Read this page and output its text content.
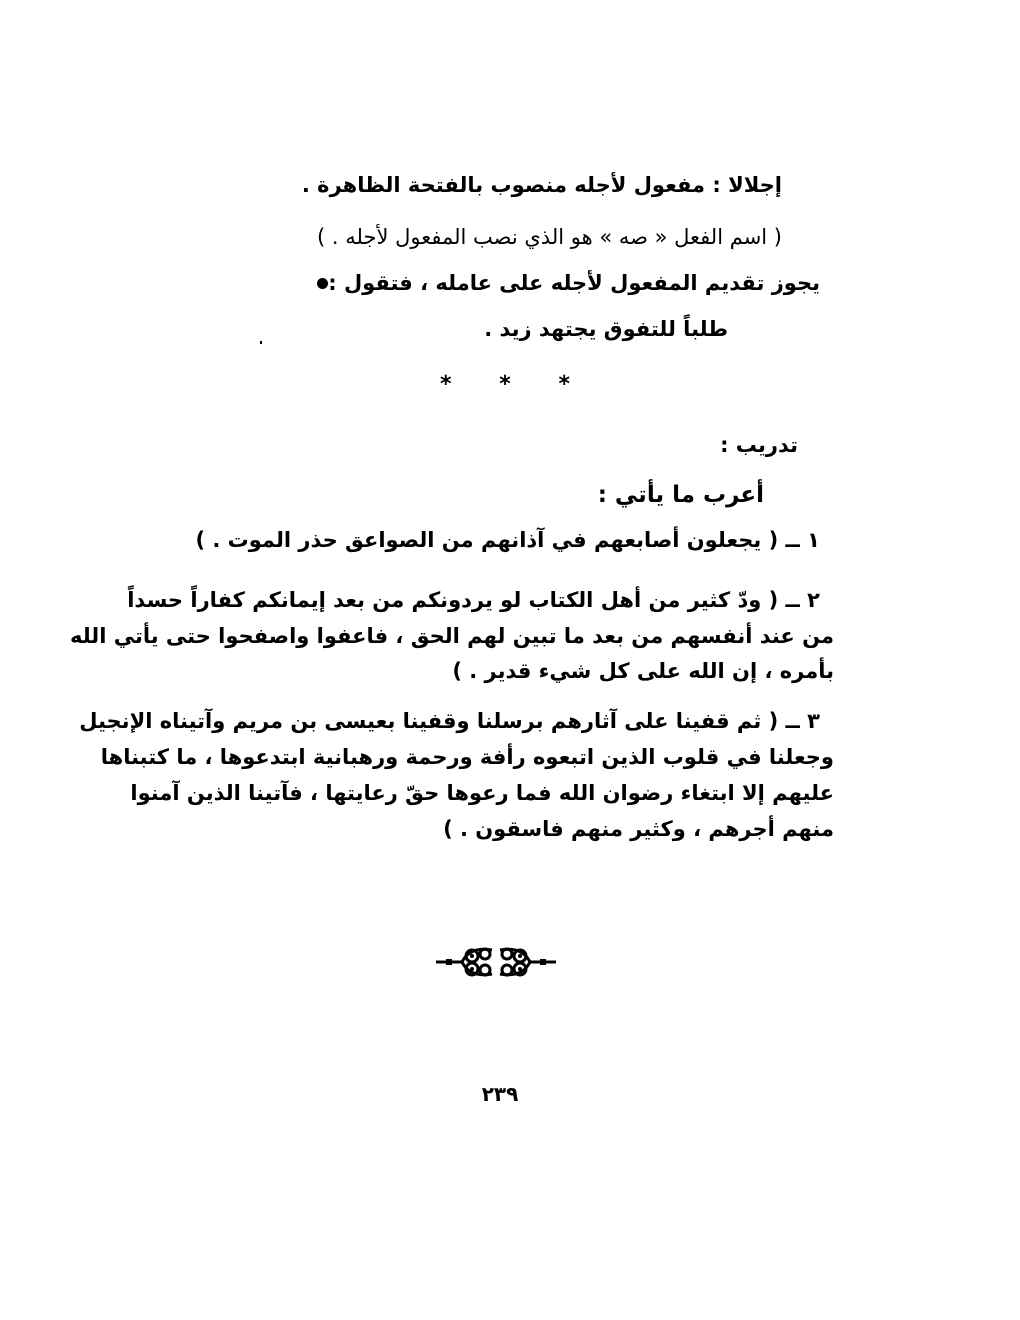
إجلالا : مفعول لأجله منصوب بالفتحة الظاهرة .
( اسم الفعل « صه » هو الذي نصب المفعول لأجله . )
يجوز تقديم المفعول لأجله على عامله ، فتقول :
طلباً للتفوق يجتهد زيد .
* * *
تدريب :
أعرب ما يأتي :
١ ــ ( يجعلون أصابعهم في آذانهم من الصواعق حذر الموت . )
٢ ــ ( ودّ كثير من أهل الكتاب لو يردونكم من بعد إيمانكم كفاراً حسداً
من عند أنفسهم من بعد ما تبين لهم الحق ، فاعفوا واصفحوا حتى يأتي الله
بأمره ، إن الله على كل شيء قدير . )
٣ ــ ( ثم قفينا على آثارهم برسلنا وقفينا بعيسى بن مريم وآتيناه الإنجيل
وجعلنا في قلوب الذين اتبعوه رأفة ورحمة ورهبانية ابتدعوها ، ما كتبناها
عليهم إلا ابتغاء رضوان الله فما رعوها حقّ رعايتها ، فآتينا الذين آمنوا
منهم أجرهم ، وكثير منهم فاسقون . )
٢٣٩
